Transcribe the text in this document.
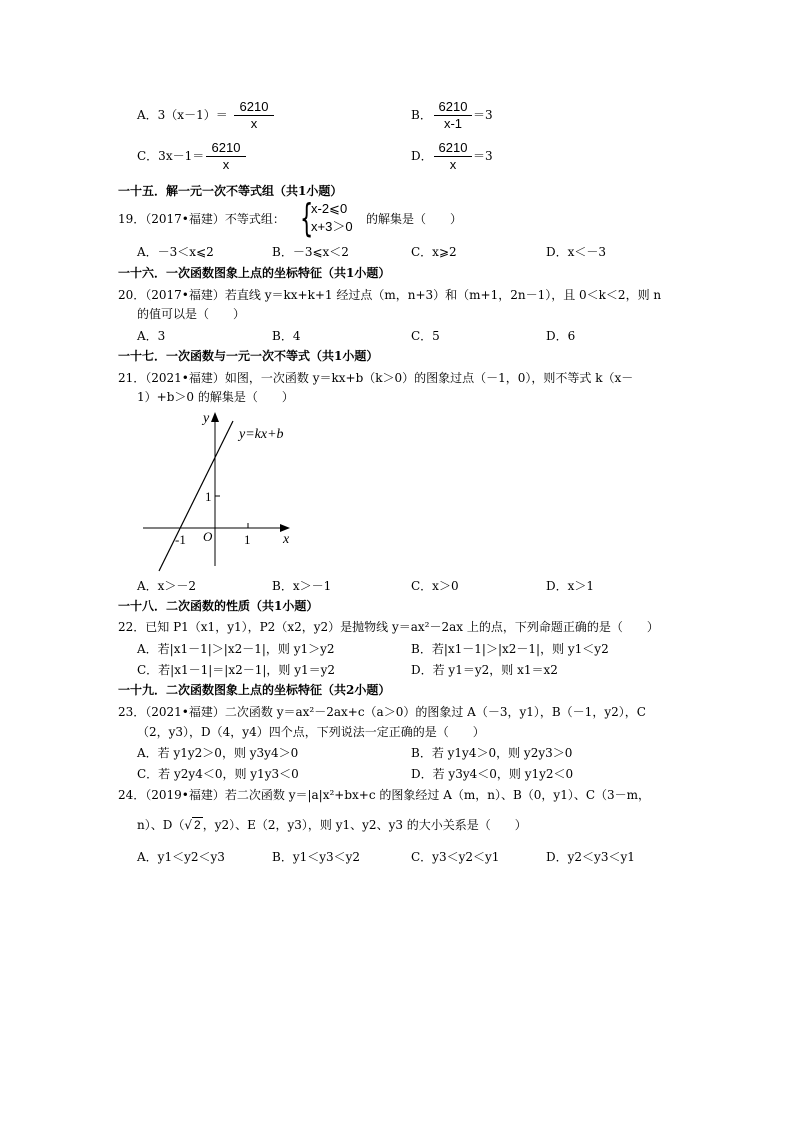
A．3（x－1）＝
6210
x
B．
6210
x-1
＝3
C．3x－1＝
6210
x
D．
6210
x
＝3
一十五．解一元一次不等式组（共1小题）
19．（2017•福建）不等式组： {
x-2⩽0
x+3＞0 的解集是（　　）
A．－3＜x⩽2	B．－3⩽x＜2	C．x⩾2	D．x＜－3
一十六．一次函数图象上点的坐标特征（共1小题）
20．（2017•福建）若直线 y＝kx+k+1 经过点（m，n+3）和（m+1，2n－1），且 0＜k＜2，则 n
的值可以是（　　）
A．3	B．4	C．5	D．6
一十七．一次函数与一元一次不等式（共1小题）
21．（2021•福建）如图，一次函数 y＝kx+b（k＞0）的图象过点（－1，0），则不等式 k（x－
1）+b＞0 的解集是（　　）
y=kx+b
y
x
O
1
-1	1
A．x＞－2	B．x＞－1	C．x＞0	D．x＞1
一十八．二次函数的性质（共1小题）
22．已知 P1（x1，y1），P2（x2，y2）是抛物线 y＝ax²－2ax 上的点，下列命题正确的是（　　）
A．若|x1－1|＞|x2－1|，则 y1＞y2	B．若|x1－1|＞|x2－1|，则 y1＜y2
C．若|x1－1|＝|x2－1|，则 y1＝y2	D．若 y1＝y2，则 x1＝x2
一十九．二次函数图象上点的坐标特征（共2小题）
23．（2021•福建）二次函数 y＝ax²－2ax+c（a＞0）的图象过 A（－3，y1），B（－1，y2），C
（2，y3），D（4，y4）四个点，下列说法一定正确的是（　　）
A．若 y1y2＞0，则 y3y4＞0	B．若 y1y4＞0，则 y2y3＞0
C．若 y2y4＜0，则 y1y3＜0	D．若 y3y4＜0，则 y1y2＜0
24．（2019•福建）若二次函数 y＝|a|x²+bx+c 的图象经过 A（m，n）、B（0，y1）、C（3－m，
n）、D（√ 2 ，y2）、E（2，y3），则 y1、y2、y3 的大小关系是（　　）
A．y1＜y2＜y3	B．y1＜y3＜y2	C．y3＜y2＜y1	D．y2＜y3＜y1
